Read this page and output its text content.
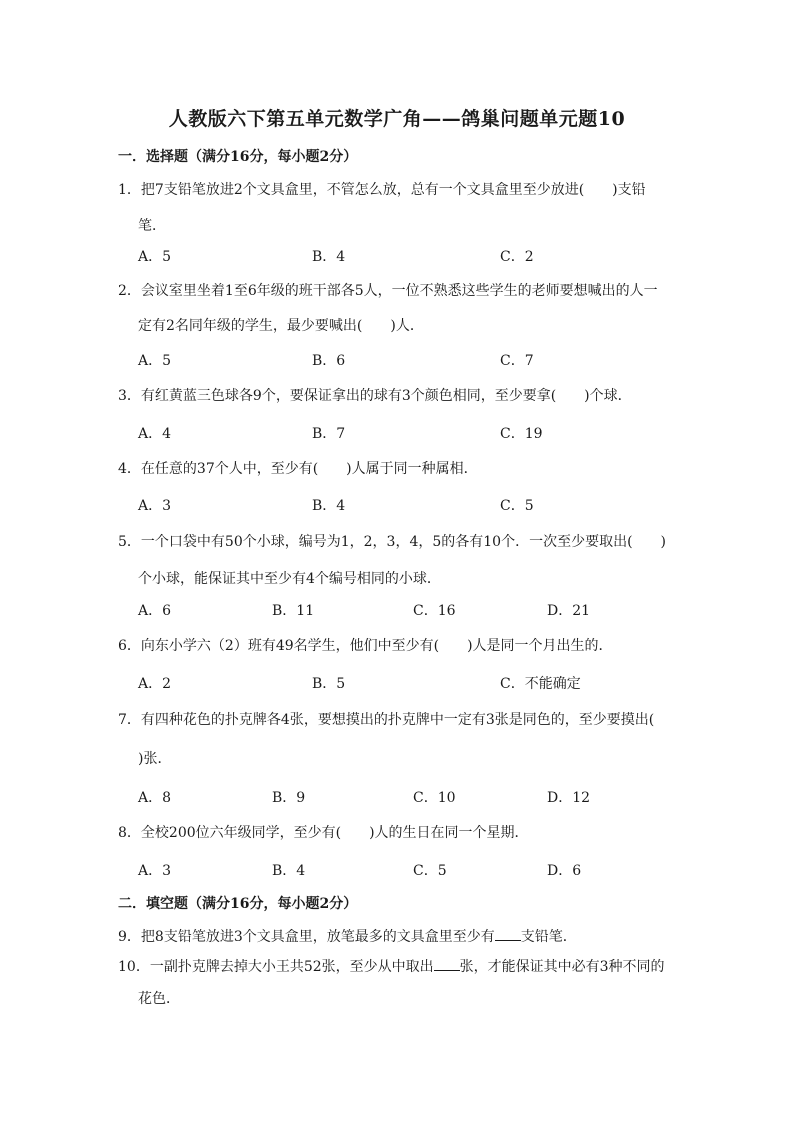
人教版六下第五单元数学广角——鸽巢问题单元题10
一．选择题（满分16分，每小题2分）
1．把7支铅笔放进2个文具盒里，不管怎么放，总有一个文具盒里至少放进(　　)支铅
笔．
A．5	B．4	C．2
2．会议室里坐着1至6年级的班干部各5人，一位不熟悉这些学生的老师要想喊出的人一
定有2名同年级的学生，最少要喊出(　　)人．
A．5	B．6	C．7
3．有红黄蓝三色球各9个，要保证拿出的球有3个颜色相同，至少要拿(　　)个球．
A．4	B．7	C．19
4．在任意的37个人中，至少有(　　)人属于同一种属相．
A．3	B．4	C．5
5．一个口袋中有50个小球，编号为1，2，3，4，5的各有10个．一次至少要取出(　　)
个小球，能保证其中至少有4个编号相同的小球．
A．6	B．11	C．16	D．21
6．向东小学六（2）班有49名学生，他们中至少有(　　)人是同一个月出生的．
A．2	B．5	C．不能确定
7．有四种花色的扑克牌各4张，要想摸出的扑克牌中一定有3张是同色的，至少要摸出(
)张．
A．8	B．9	C．10	D．12
8．全校200位六年级同学，至少有(　　)人的生日在同一个星期．
A．3	B．4	C．5	D．6
二．填空题（满分16分，每小题2分）
9．把8支铅笔放进3个文具盒里，放笔最多的文具盒里至少有 支铅笔．
10．一副扑克牌去掉大小王共52张，至少从中取出 张，才能保证其中必有3种不同的
花色．
